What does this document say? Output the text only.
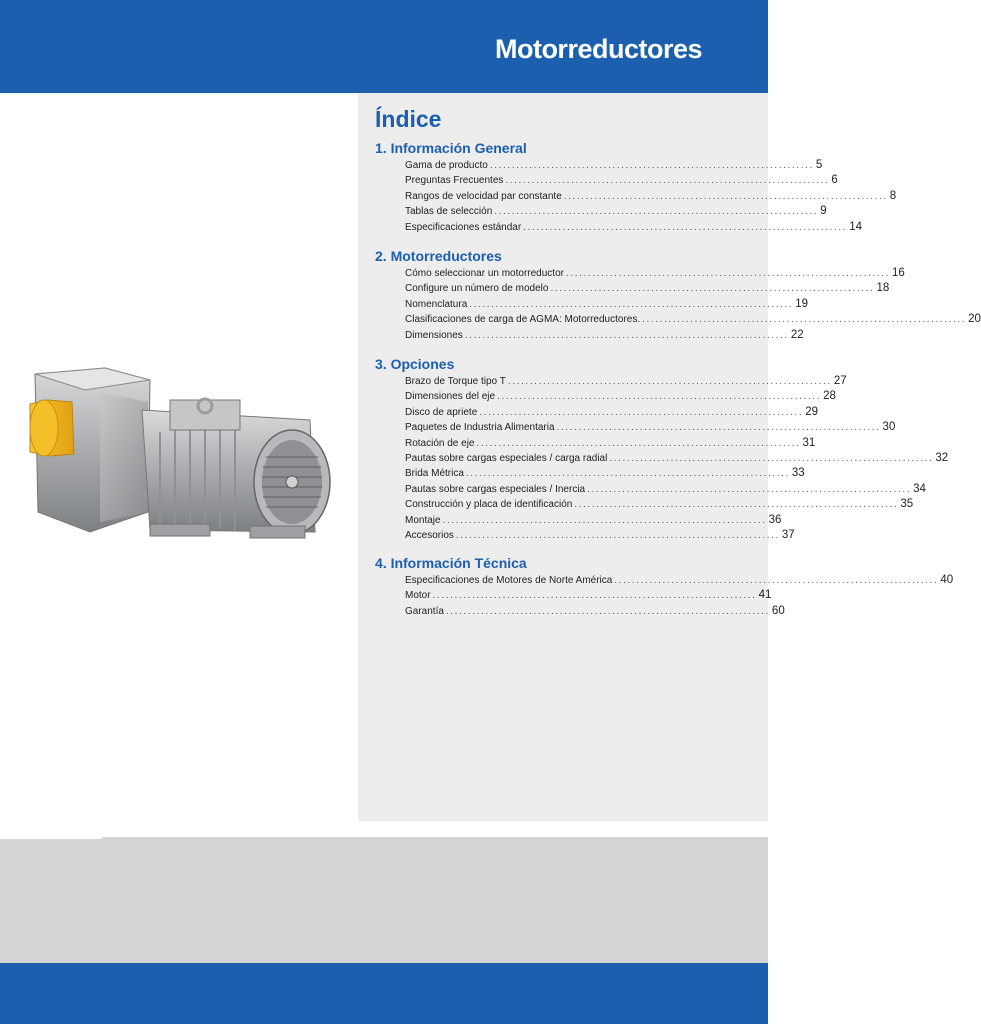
Motorreductores
Índice
1. Información General
Gama de producto .......................................................................... 5
Preguntas Frecuentes .......................................................................... 6
Rangos de velocidad par constante .......................................................................... 8
Tablas de selección .......................................................................... 9
Especificaciones estándar .......................................................................... 14
2. Motorreductores
Cómo seleccionar un motorreductor .......................................................................... 16
Configure un número de modelo .......................................................................... 18
Nomenclatura .......................................................................... 19
Clasificaciones de carga de AGMA: Motorreductores. .......................................................................... 20
Dimensiones .......................................................................... 22
3. Opciones
Brazo de Torque tipo T .......................................................................... 27
Dimensiones del eje .......................................................................... 28
Disco de apriete .......................................................................... 29
Paquetes de Industria Alimentaria .......................................................................... 30
Rotación de eje .......................................................................... 31
Pautas sobre cargas especiales / carga radial .......................................................................... 32
Brida Métrica .......................................................................... 33
Pautas sobre cargas especiales / Inercia .......................................................................... 34
Construcción y placa de identificación .......................................................................... 35
Montaje .......................................................................... 36
Accesorios .......................................................................... 37
4. Información Técnica
Especificaciones de Motores de Norte América .......................................................................... 40
Motor .......................................................................... 41
Garantía .......................................................................... 60
